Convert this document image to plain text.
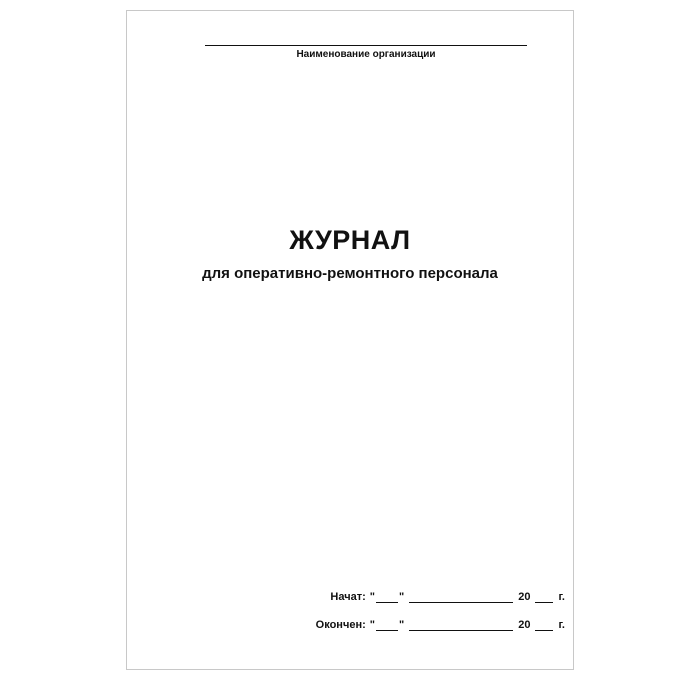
Наименование организации
ЖУРНАЛ
для оперативно-ремонтного персонала
Начат: " "	20	г.
Окончен: " "	20	г.
